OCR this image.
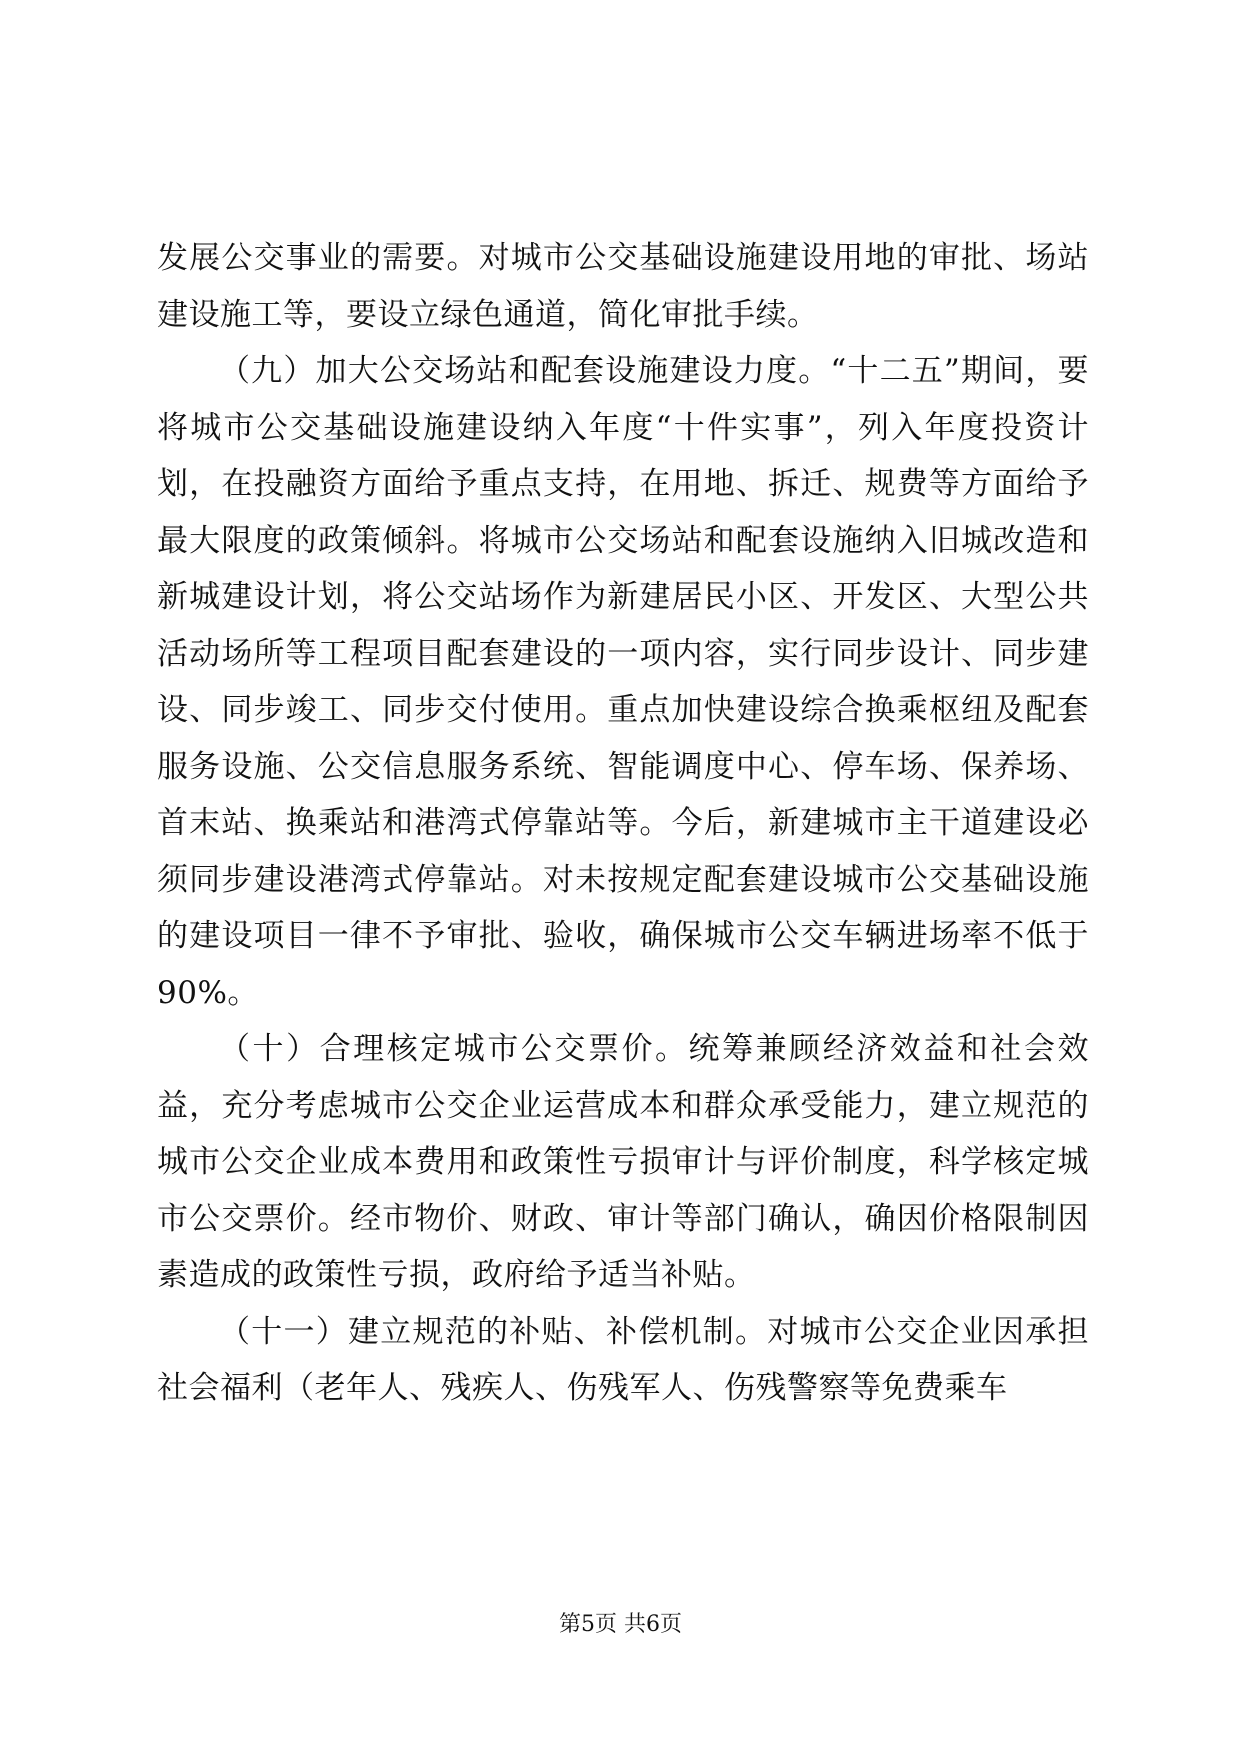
发展公交事业的需要。对城市公交基础设施建设用地的审批、场站建设施工等，要设立绿色通道，简化审批手续。

（九）加大公交场站和配套设施建设力度。“十二五”期间，要将城市公交基础设施建设纳入年度“十件实事”，列入年度投资计划，在投融资方面给予重点支持，在用地、拆迁、规费等方面给予最大限度的政策倾斜。将城市公交场站和配套设施纳入旧城改造和新城建设计划，将公交站场作为新建居民小区、开发区、大型公共活动场所等工程项目配套建设的一项内容，实行同步设计、同步建设、同步竣工、同步交付使用。重点加快建设综合换乘枢纽及配套服务设施、公交信息服务系统、智能调度中心、停车场、保养场、首末站、换乘站和港湾式停靠站等。今后，新建城市主干道建设必须同步建设港湾式停靠站。对未按规定配套建设城市公交基础设施的建设项目一律不予审批、验收，确保城市公交车辆进场率不低于90%。

（十）合理核定城市公交票价。统筹兼顾经济效益和社会效益，充分考虑城市公交企业运营成本和群众承受能力，建立规范的城市公交企业成本费用和政策性亏损审计与评价制度，科学核定城市公交票价。经市物价、财政、审计等部门确认，确因价格限制因素造成的政策性亏损，政府给予适当补贴。

（十一）建立规范的补贴、补偿机制。对城市公交企业因承担社会福利（老年人、残疾人、伤残军人、伤残警察等免费乘车

第5页 共6页
